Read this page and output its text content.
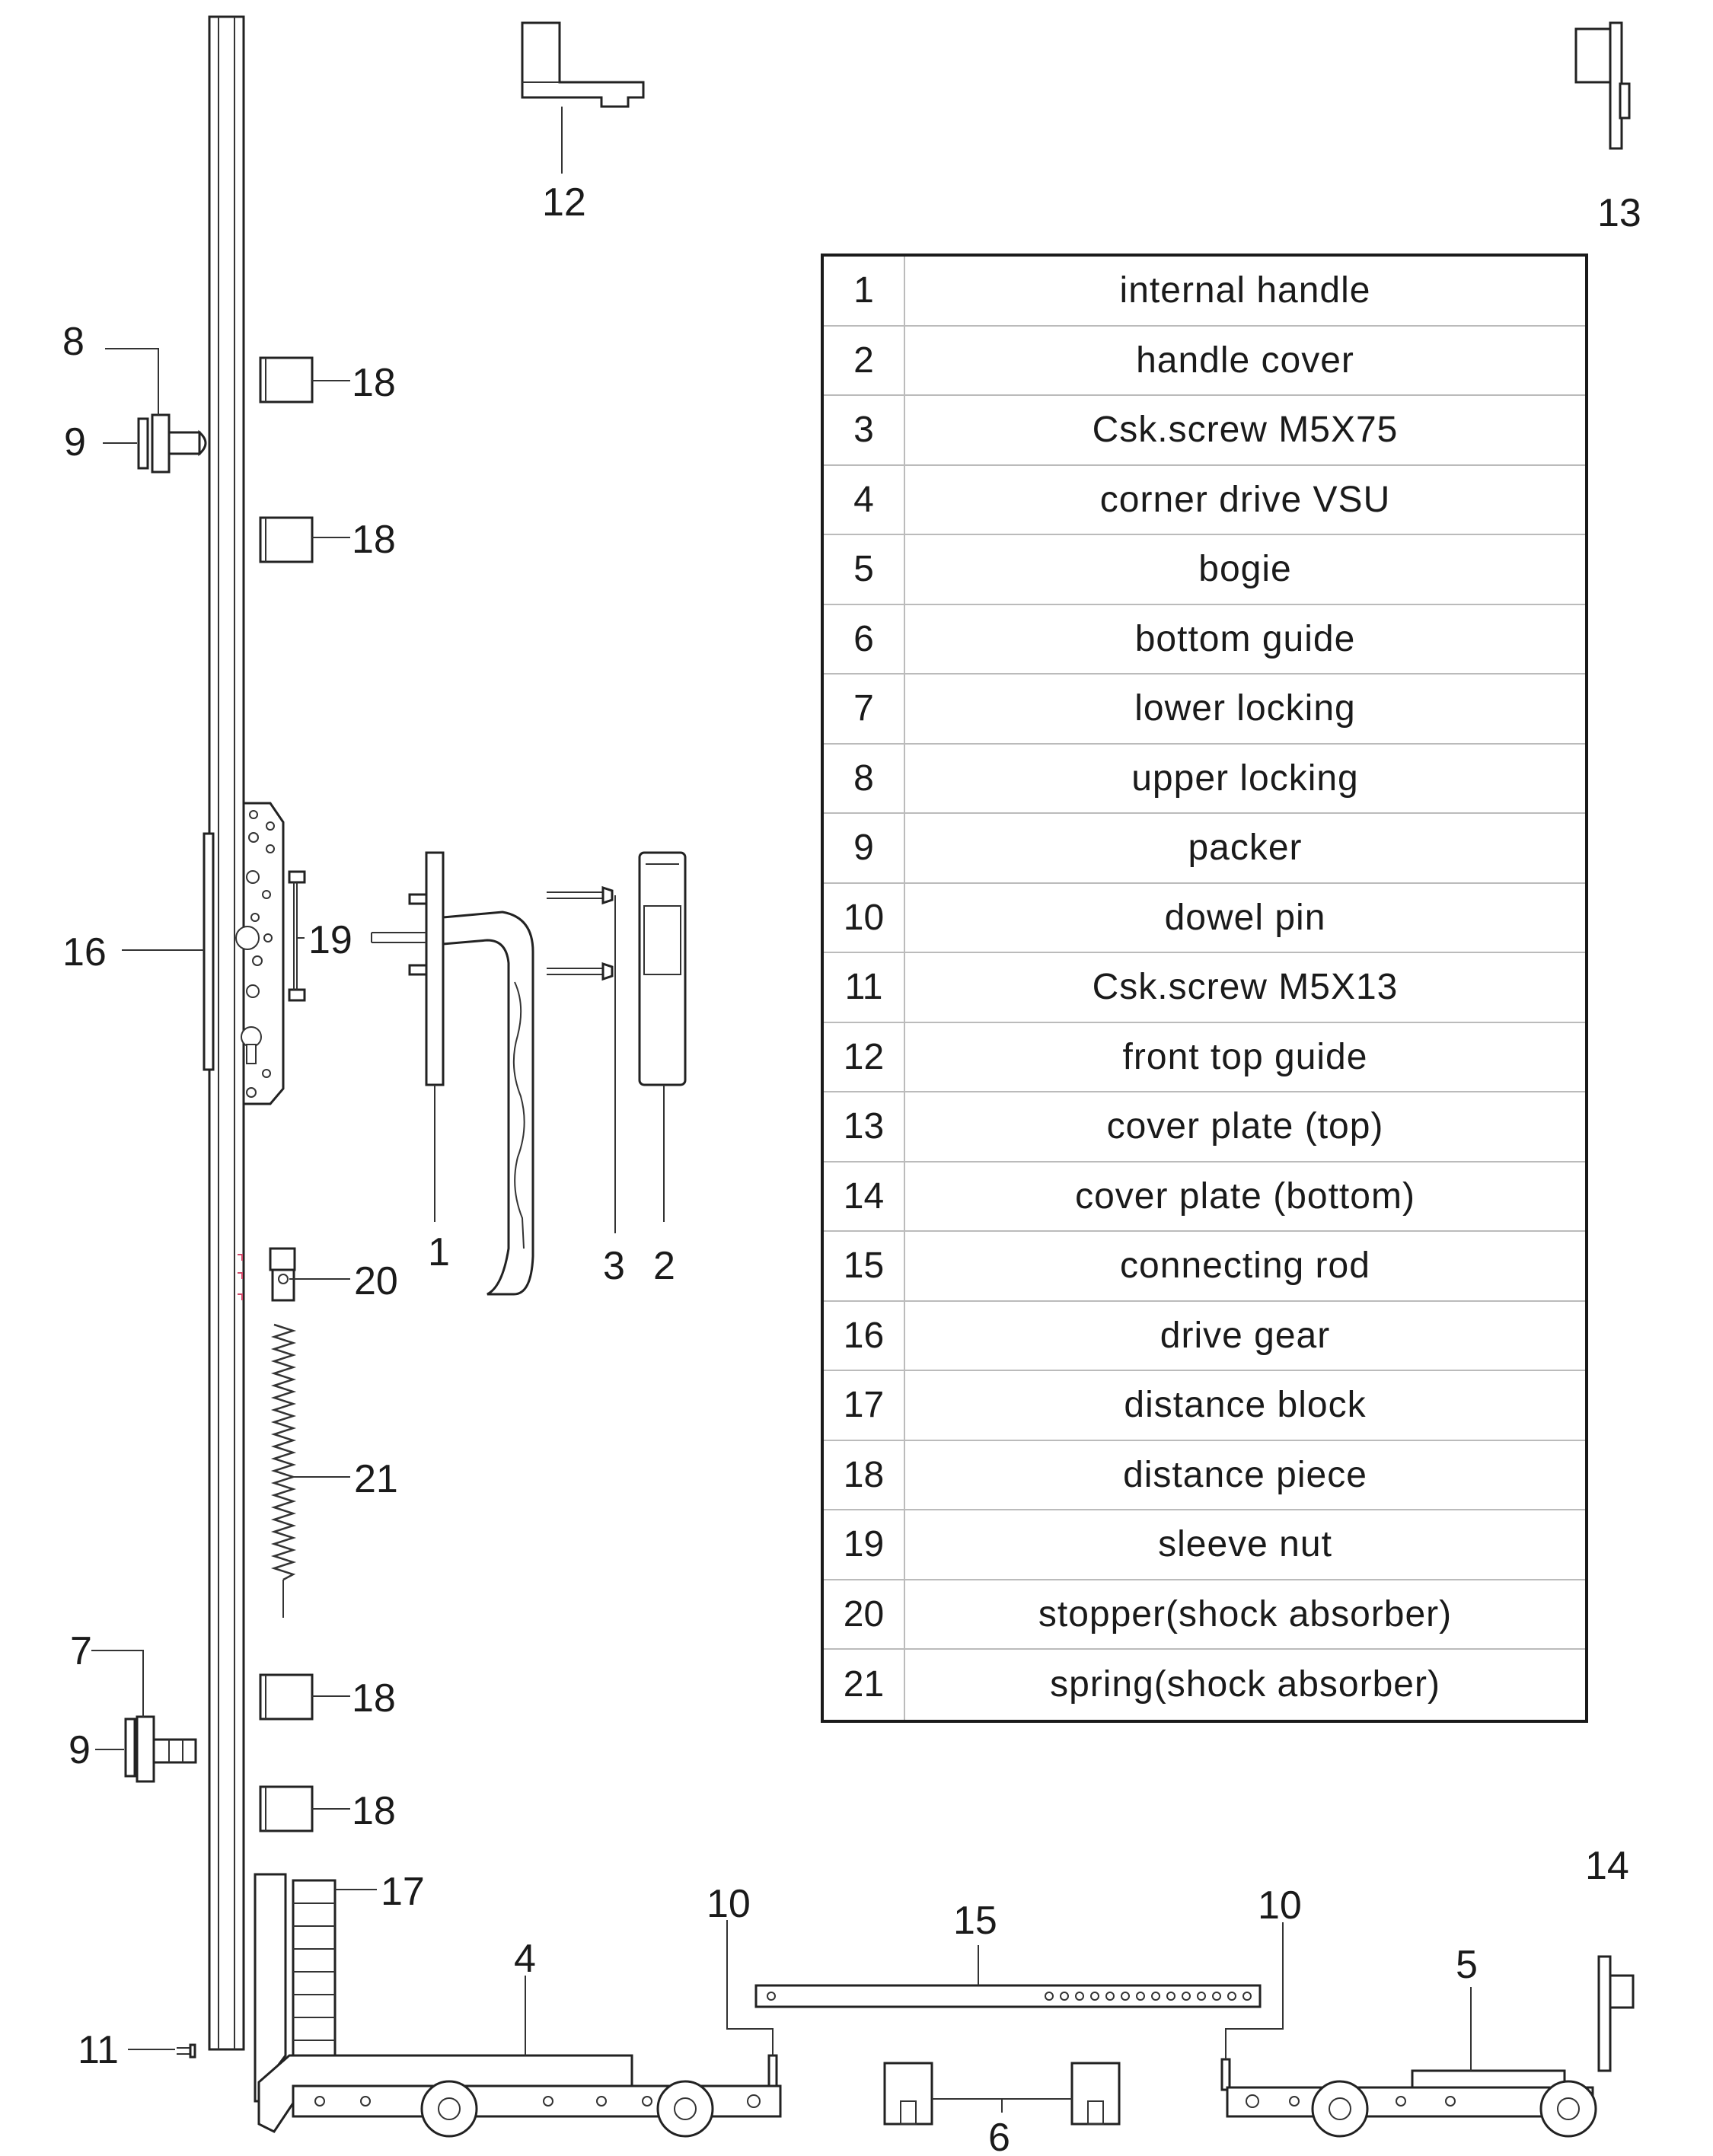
1	2
3
4	5
6
7
8
9
9
10	10
11
12	13
14
15
16
17
18
18
18
18
19
20
21
1	internal handle
2	handle cover
3	Csk.screw M5X75
4	corner drive VSU
5	bogie
6	bottom guide
7	lower locking
8	upper locking
9	packer
10	dowel pin
11	Csk.screw M5X13
12	front top guide
13	cover plate (top)
14	cover plate (bottom)
15	connecting rod
16	drive gear
17	distance block
18	distance piece
19	sleeve nut
20	stopper(shock absorber)
21	spring(shock absorber)
